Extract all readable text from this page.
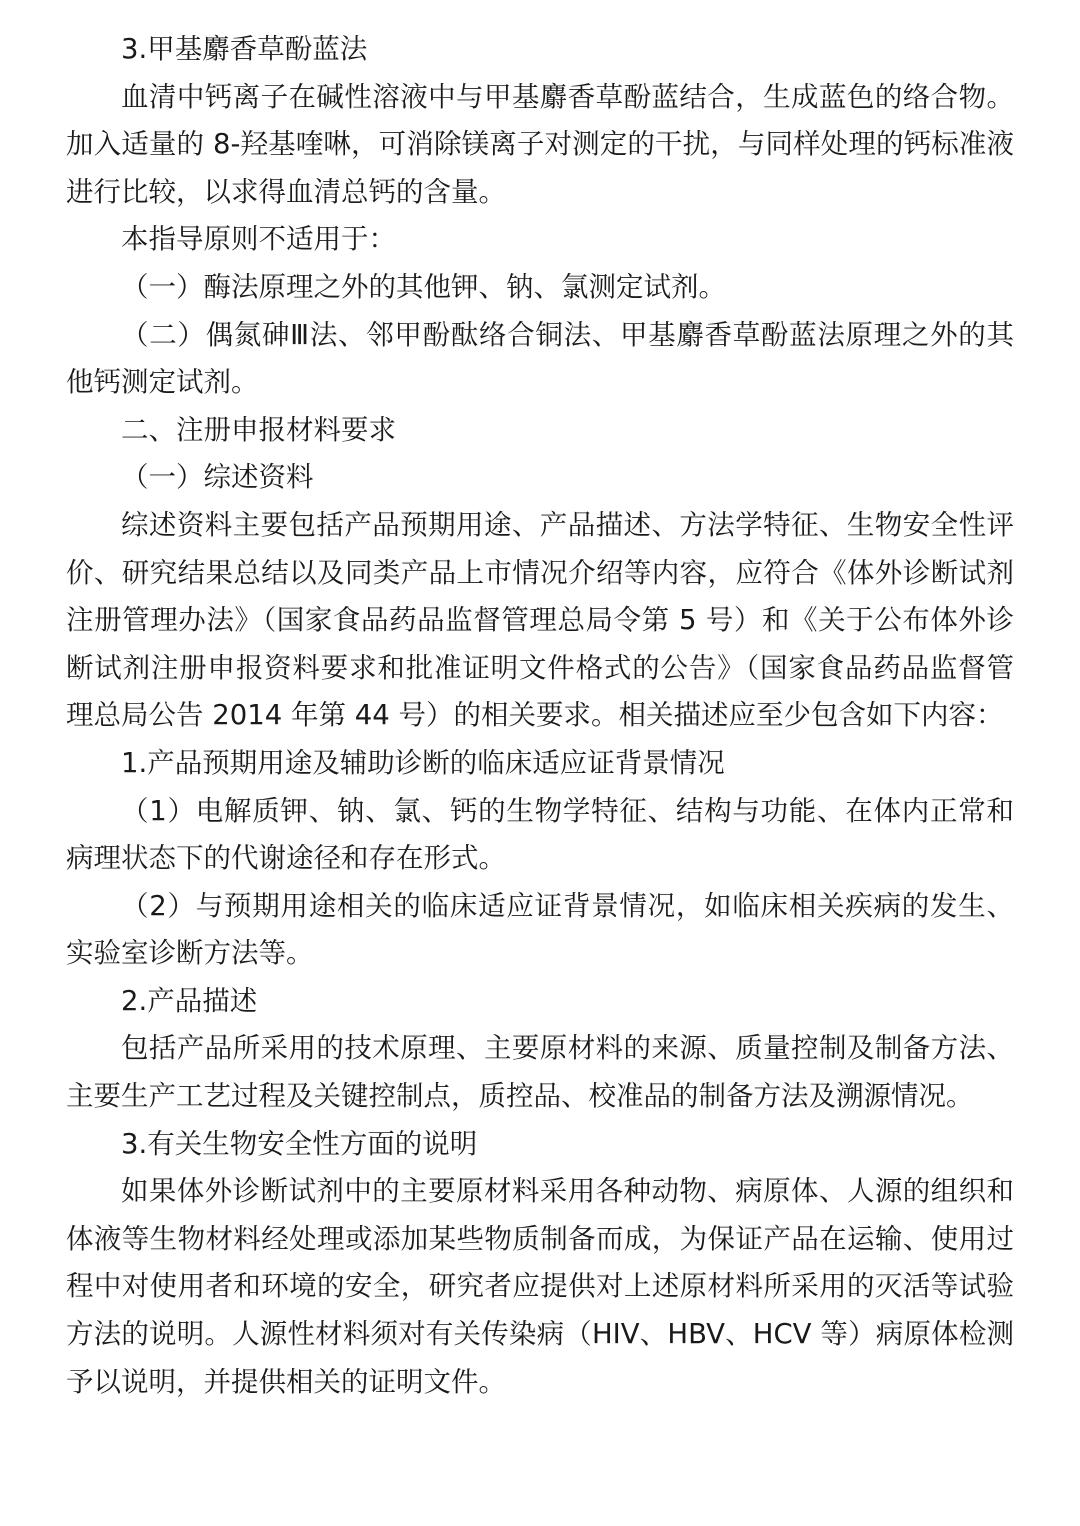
3.甲基麝香草酚蓝法

血清中钙离子在碱性溶液中与甲基麝香草酚蓝结合，生成蓝色的络合物。加入适量的 8-羟基喹啉，可消除镁离子对测定的干扰，与同样处理的钙标准液进行比较，以求得血清总钙的含量。

本指导原则不适用于：

（一）酶法原理之外的其他钾、钠、氯测定试剂。

（二）偶氮砷Ⅲ法、邻甲酚酞络合铜法、甲基麝香草酚蓝法原理之外的其他钙测定试剂。

二、注册申报材料要求

（一）综述资料

综述资料主要包括产品预期用途、产品描述、方法学特征、生物安全性评价、研究结果总结以及同类产品上市情况介绍等内容，应符合《体外诊断试剂注册管理办法》（国家食品药品监督管理总局令第 5 号）和《关于公布体外诊断试剂注册申报资料要求和批准证明文件格式的公告》（国家食品药品监督管理总局公告 2014 年第 44 号）的相关要求。相关描述应至少包含如下内容：

1.产品预期用途及辅助诊断的临床适应证背景情况

（1）电解质钾、钠、氯、钙的生物学特征、结构与功能、在体内正常和病理状态下的代谢途径和存在形式。

（2）与预期用途相关的临床适应证背景情况，如临床相关疾病的发生、实验室诊断方法等。

2.产品描述

包括产品所采用的技术原理、主要原材料的来源、质量控制及制备方法、主要生产工艺过程及关键控制点，质控品、校准品的制备方法及溯源情况。

3.有关生物安全性方面的说明

如果体外诊断试剂中的主要原材料采用各种动物、病原体、人源的组织和体液等生物材料经处理或添加某些物质制备而成，为保证产品在运输、使用过程中对使用者和环境的安全，研究者应提供对上述原材料所采用的灭活等试验方法的说明。人源性材料须对有关传染病（HIV、HBV、HCV 等）病原体检测予以说明，并提供相关的证明文件。
